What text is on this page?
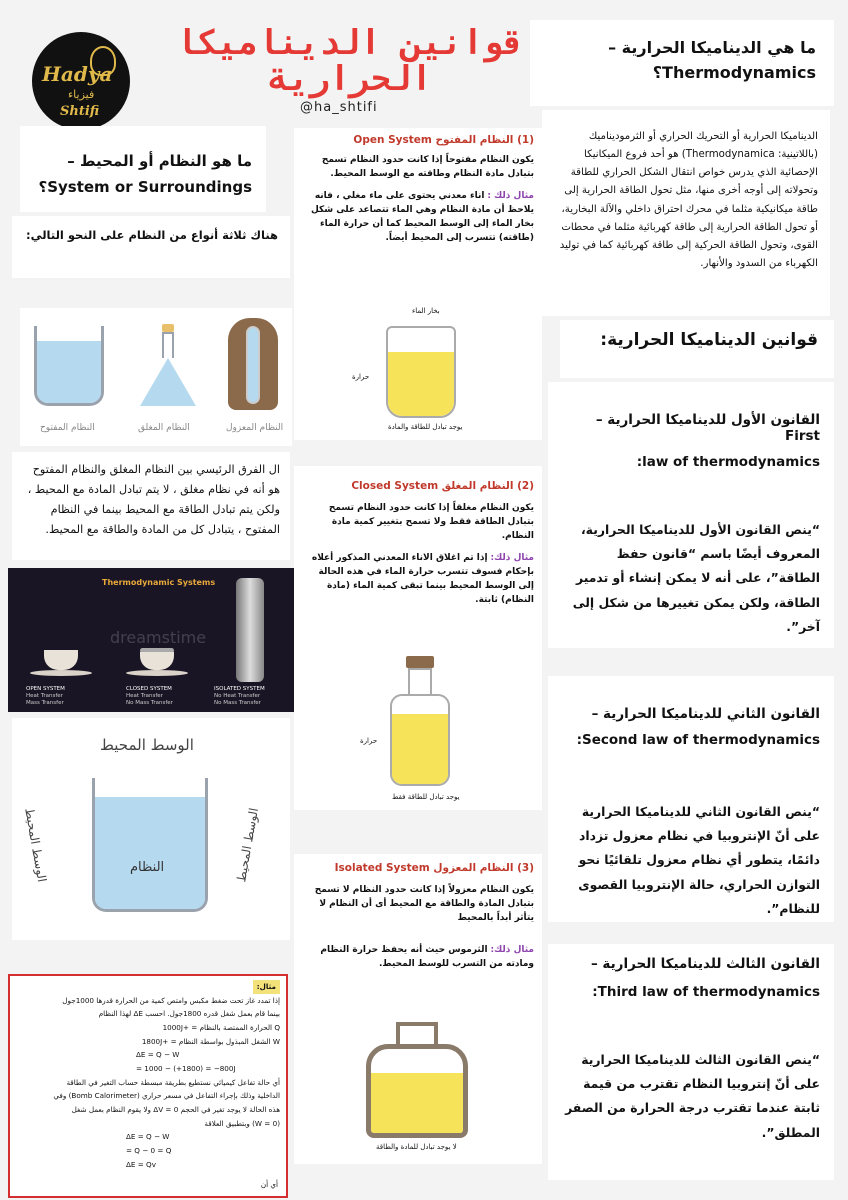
Hadya
فيزياء
Shtifi
قوانين الديناميكا
الحرارية
@ha_shtifi
ما هي الديناميكا الحرارية –
Thermodynamics؟
الديناميكا الحرارية أو التحريك الحراري أو الثرموديناميك (باللاتينية: Thermodynamica) هو أحد فروع الميكانيكا الإحصائية الذي يدرس خواص انتقال الشكل الحراري للطاقة وتحولاته إلى أوجه أخرى منها، مثل تحول الطاقة الحرارية إلى طاقة ميكانيكية مثلما في محرك احتراق داخلي والآلة البخارية، أو تحول الطاقة الحرارية إلى طاقة كهربائية مثلما في محطات القوى، وتحول الطاقة الحركية إلى طاقة كهربائية كما في توليد الكهرباء من السدود والأنهار.
قوانين الديناميكا الحرارية:
القانون الأول للديناميكا الحرارية – First
law of thermodynamics:
“ينص القانون الأول للديناميكا الحرارية، المعروف أيضًا باسم “قانون حفظ الطاقة”، على أنه لا يمكن إنشاء أو تدمير الطاقة، ولكن يمكن تغييرها من شكل إلى آخر”.
القانون الثاني للديناميكا الحرارية –
Second law of thermodynamics:
“ينص القانون الثاني للديناميكا الحرارية على أنّ الإنتروبيا في نظام معزول تزداد دائمًا، يتطور أي نظام معزول تلقائيًا نحو التوازن الحراري، حالة الإنتروبيا القصوى للنظام”.
القانون الثالث للديناميكا الحرارية –
Third law of thermodynamics:
“ينص القانون الثالث للديناميكا الحرارية على أنّ إنتروبيا النظام تقترب من قيمة ثابتة عندما تقترب درجة الحرارة من الصفر المطلق”.
ما هو النظام أو المحيط –
System or Surroundings؟
هناك ثلاثة أنواع من النظام على النحو التالي:
النظام المفتوح	النظام المغلق	النظام المعزول
ال الفرق الرئيسي بين النظام المغلق والنظام المفتوح هو أنه في نظام مغلق ، لا يتم تبادل المادة مع المحيط ، ولكن يتم تبادل الطاقة مع المحيط بينما في النظام المفتوح ، يتبادل كل من المادة والطاقة مع المحيط.
Thermodynamic Systems
dreamstime
OPEN SYSTEM
Heat Transfer
Mass Transfer
CLOSED SYSTEM
Heat Transfer
No Mass Transfer
ISOLATED SYSTEM
No Heat Transfer
No Mass Transfer
الوسط المحيط
الوسط المحيط	الوسط المحيط
النظام
(1) النظام المفتوح Open System
يكون النظام مفتوحاً إذا كانت حدود النظام تسمح بتبادل مادة النظام وطاقته مع الوسط المحيط.
مثال ذلك : اناء معدني يحتوى على ماء مغلي ، فانه يلاحظ أن مادة النظام وهي الماء تتصاعد على شكل بخار الماء إلى الوسط المحيط كما أن حرارة الماء (طاقته) تتسرب إلى المحيط أيضاً.
بخار الماء
حرارة
يوجد تبادل للطاقة والمادة
(2) النظام المغلق Closed System
يكون النظام مغلقاً إذا كانت حدود النظام تسمح بتبادل الطاقة فقط ولا تسمح بتغيير كمية مادة النظام.
مثال ذلك: إذا تم اغلاق الاناء المعدني المذكور أعلاه بإحكام فسوف تتسرب حرارة الماء في هذه الحالة إلى الوسط المحيط بينما تبقى كمية الماء (مادة النظام) ثابتة.
حرارة
يوجد تبادل للطاقة فقط
(3) النظام المعزول Isolated System
يكون النظام معزولاً إذا كانت حدود النظام لا تسمح بتبادل المادة والطاقة مع المحيط أى أن النظام لا يتأثر أبداً بالمحيط
مثال ذلك: الثرموس حيث أنه يحفظ حرارة النظام ومادته من التسرب للوسط المحيط.
لا يوجد تبادل للمادة والطاقة
مثال:
إذا تمدد غاز تحت ضغط مكبس وامتص كمية من الحرارة قدرها 1000جول
بينما قام بعمل شغل قدره 1800جول. احسب ΔE لهذا النظام
Q الحرارة الممتصة بالنظام = +1000J
W الشغل المبذول بواسطة النظام = +1800J
ΔE = Q − W
= 1000 − (+1800) = −800J
أي حالة تفاعل كيميائي نستطيع بطريقة مبسطة حساب التغير في الطاقة
الداخلية وذلك بإجراء التفاعل في مسعر حراري (Bomb Calorimeter) وفي
هذه الحالة لا يوجد تغير في الحجم ΔV = 0 ولا يقوم النظام بعمل شغل
(W = 0) وبتطبيق العلاقة
ΔE = Q − W
= Q − 0 = Q
ΔE = Qv
أي أن
